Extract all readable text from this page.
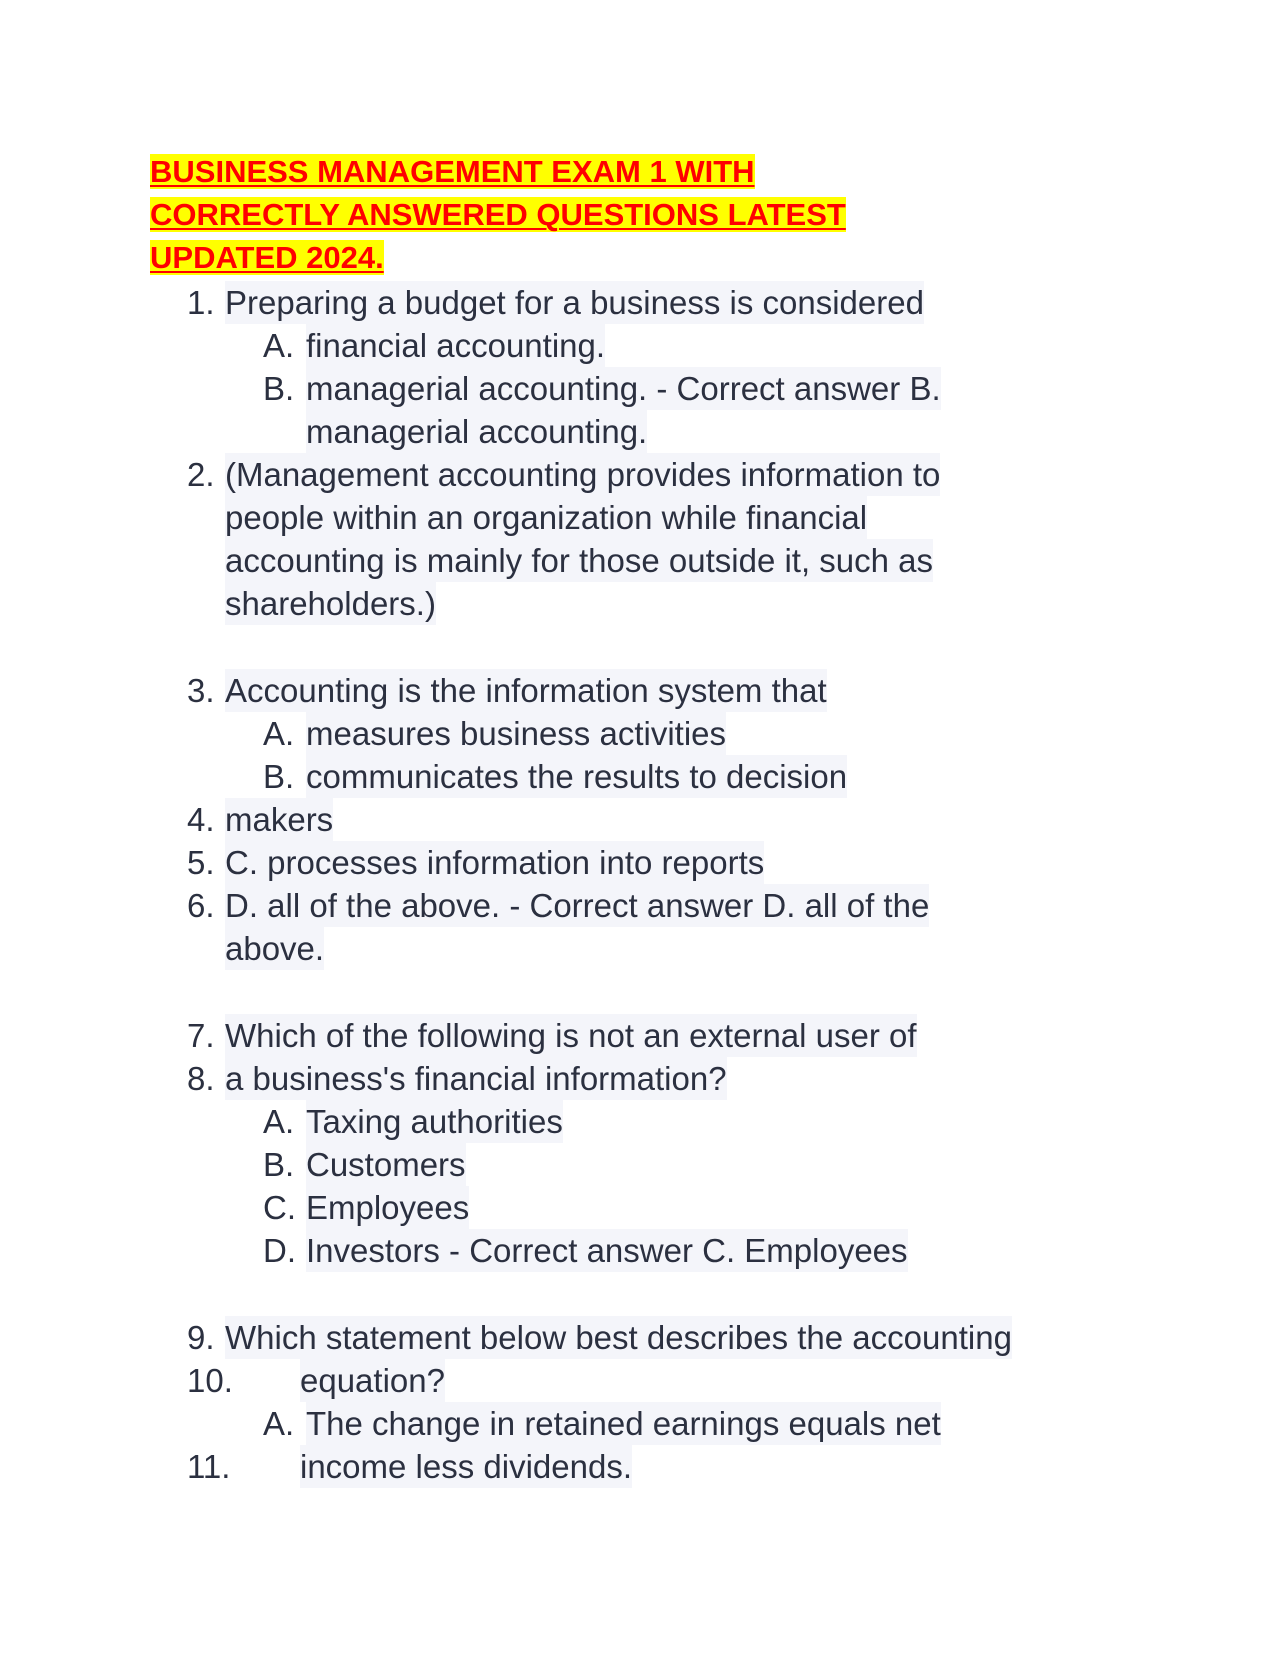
BUSINESS MANAGEMENT EXAM 1 WITH
CORRECTLY ANSWERED QUESTIONS LATEST
UPDATED 2024.
1. Preparing a budget for a business is considered
A. financial accounting.
B. managerial accounting. - Correct answer B.
managerial accounting.
2. (Management accounting provides information to
people within an organization while financial
accounting is mainly for those outside it, such as
shareholders.)
3. Accounting is the information system that
A. measures business activities
B. communicates the results to decision
4. makers
5. C. processes information into reports
6. D. all of the above. - Correct answer D. all of the
above.
7. Which of the following is not an external user of
8. a business's financial information?
A. Taxing authorities
B. Customers
C. Employees
D. Investors - Correct answer C. Employees
9. Which statement below best describes the accounting
10. equation?
A. The change in retained earnings equals net
11. income less dividends.
